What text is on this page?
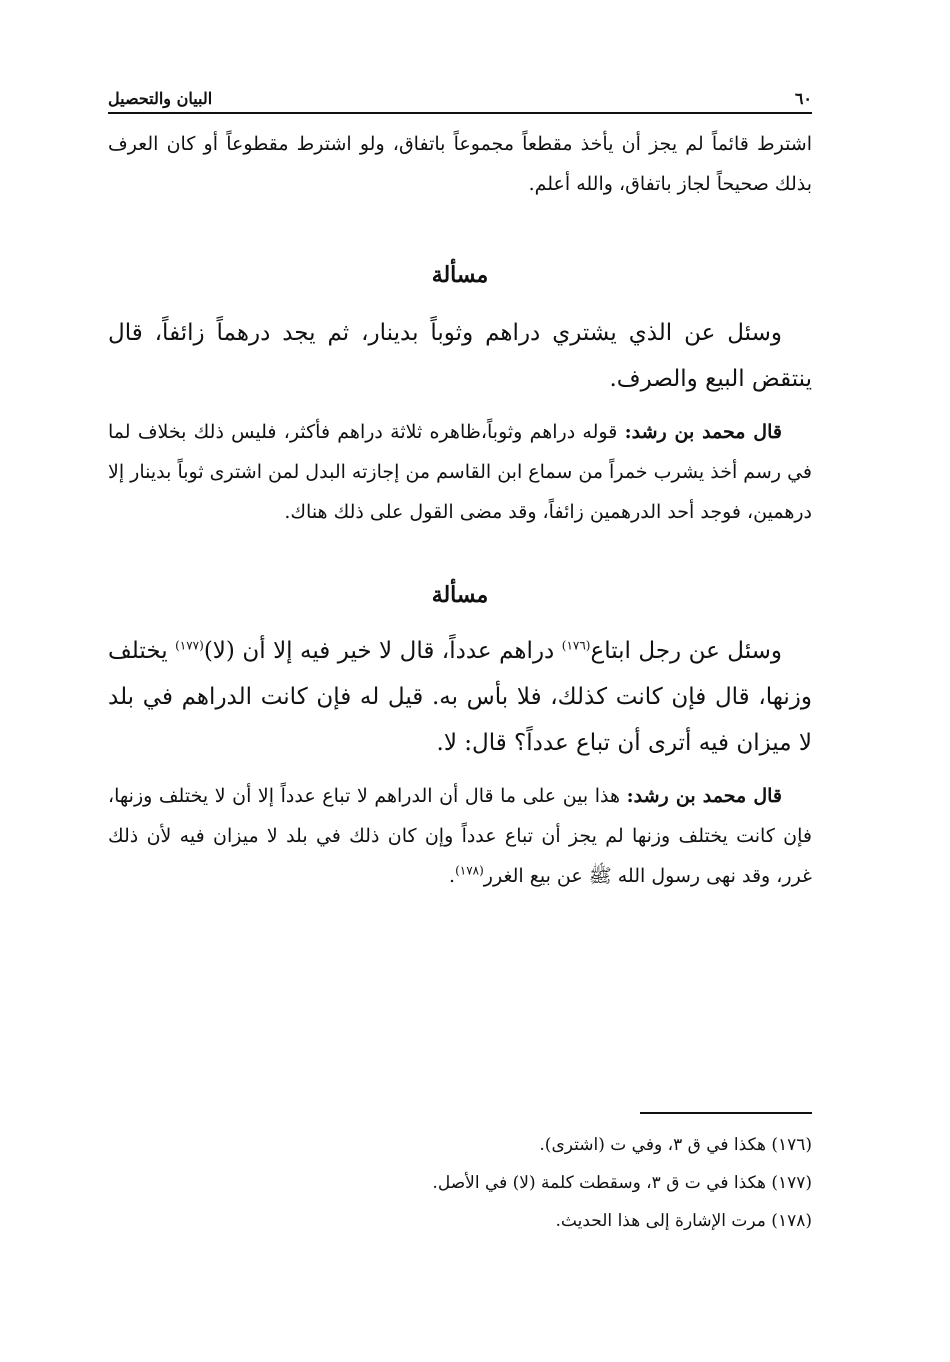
٦٠
البيان والتحصيل

اشترط قائماً لم يجز أن يأخذ مقطعاً مجموعاً باتفاق، ولو اشترط مقطوعاً أو كان العرف بذلك صحيحاً لجاز باتفاق، والله أعلم.

مسألة

وسئل عن الذي يشتري دراهم وثوباً بدينار، ثم يجد درهماً زائفاً، قال ينتقض البيع والصرف.

قال محمد بن رشد: قوله دراهم وثوباً،ظاهره ثلاثة دراهم فأكثر، فليس ذلك بخلاف لما في رسم أخذ يشرب خمراً من سماع ابن القاسم من إجازته البدل لمن اشترى ثوباً بدينار إلا درهمين، فوجد أحد الدرهمين زائفاً، وقد مضى القول على ذلك هناك.

مسألة

وسئل عن رجل ابتاع$^{(١٧٦)}$ دراهم عدداً، قال لا خير فيه إلا أن (لا)$^{(١٧٧)}$ يختلف وزنها، قال فإن كانت كذلك، فلا بأس به. قيل له فإن كانت الدراهم في بلد لا ميزان فيه أترى أن تباع عدداً؟ قال: لا.

قال محمد بن رشد: هذا بين على ما قال أن الدراهم لا تباع عدداً إلا أن لا يختلف وزنها، فإن كانت يختلف وزنها لم يجز أن تباع عدداً وإن كان ذلك في بلد لا ميزان فيه لأن ذلك غرر، وقد نهى رسول الله ﷺ عن بيع الغرر$^{(١٧٨)}$.

(١٧٦) هكذا في ق ٣، وفي ت (اشترى).

(١٧٧) هكذا في ت ق ٣، وسقطت كلمة (لا) في الأصل.

(١٧٨) مرت الإشارة إلى هذا الحديث.
